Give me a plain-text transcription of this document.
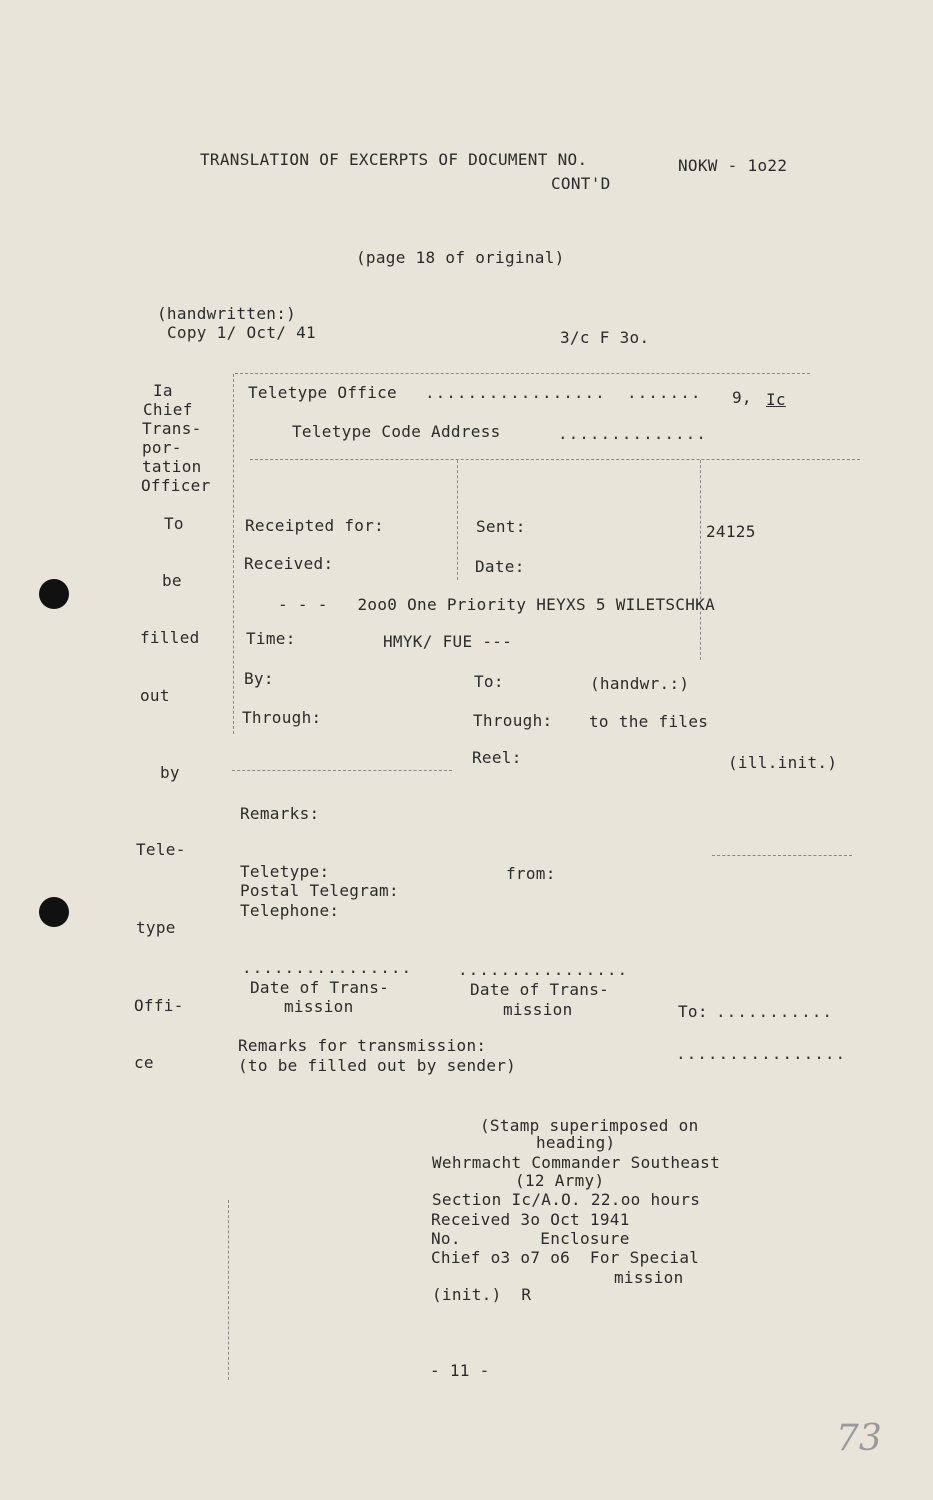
TRANSLATION OF EXCERPTS OF DOCUMENT NO.	NOKW - 1o22
CONT'D
(page 18 of original)
(handwritten:)
Copy 1/ Oct/ 41	3/c F 3o.
Ia
Chief
Trans-
por-
tation
Officer
To
be
filled
out
by
Tele-
type
Offi-
ce
Teletype Office .................  ....... 9, Ic
Teletype Code Address	..............
Receipted for:	Sent:	24125
Received:	Date:
- - -   2oo0 One Priority HEYXS 5 WILETSCHKA
Time:	HMYK/ FUE ---
By:	To:	(handwr.:)
Through:	Through: to the files
Reel:	(ill.init.)
Remarks:
Teletype:
Postal Telegram:
Telephone:
from:
................	................
Date of Trans-
mission
Date of Trans-
mission	To: ...........
Remarks for transmission:
(to be filled out by sender)
................
(Stamp superimposed on
heading)
Wehrmacht Commander Southeast
(12 Army)
Section Ic/A.O. 22.oo hours
Received 3o Oct 1941
No.        Enclosure
Chief o3 o7 o6  For Special
mission
(init.)  R
- 11 -
73
